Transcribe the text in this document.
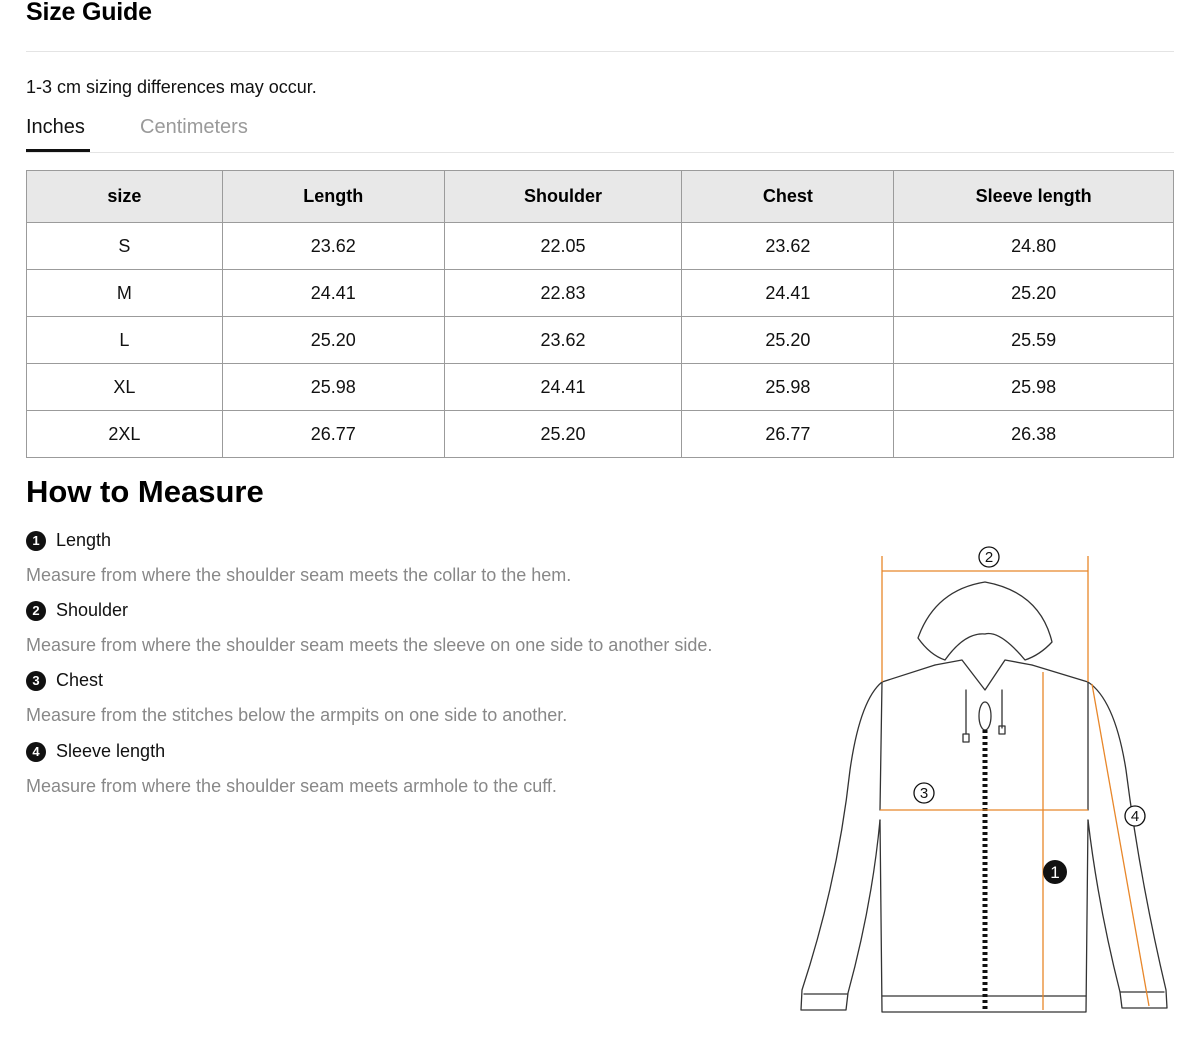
Size Guide
1-3 cm sizing differences may occur.
Inches	Centimeters
size	Length	Shoulder	Chest	Sleeve length
S	23.62	22.05	23.62	24.80
M	24.41	22.83	24.41	25.20
L	25.20	23.62	25.20	25.59
XL	25.98	24.41	25.98	25.98
2XL	26.77	25.20	26.77	26.38
How to Measure
1 Length
Measure from where the shoulder seam meets the collar to the hem.
2 Shoulder
Measure from where the shoulder seam meets the sleeve on one side to another side.
3 Chest
Measure from the stitches below the armpits on one side to another.
4 Sleeve length
Measure from where the shoulder seam meets armhole to the cuff.
2
3
4
1
